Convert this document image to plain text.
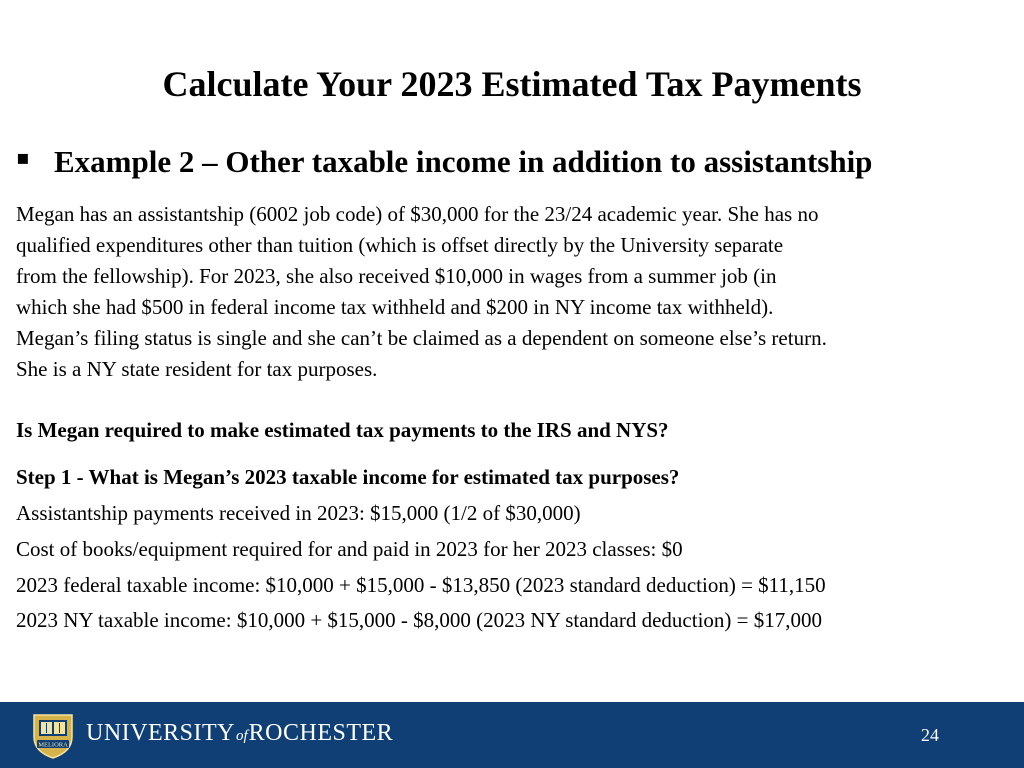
Calculate Your 2023 Estimated Tax Payments
▪ Example 2 – Other taxable income in addition to assistantship
Megan has an assistantship (6002 job code) of $30,000 for the 23/24 academic year. She has no
qualified expenditures other than tuition (which is offset directly by the University separate
from the fellowship). For 2023, she also received $10,000 in wages from a summer job (in
which she had $500 in federal income tax withheld and $200 in NY income tax withheld).
Megan’s filing status is single and she can’t be claimed as a dependent on someone else’s return.
She is a NY state resident for tax purposes.

Is Megan required to make estimated tax payments to the IRS and NYS?

Step 1 - What is Megan’s 2023 taxable income for estimated tax purposes?

Assistantship payments received in 2023: $15,000 (1/2 of $30,000)

Cost of books/equipment required for and paid in 2023 for her 2023 classes: $0

2023 federal taxable income: $10,000 + $15,000 - $13,850 (2023 standard deduction) = $11,150

2023 NY taxable income: $10,000 + $15,000 - $8,000 (2023 NY standard deduction) = $17,000

MELIORA UNIVERSITYofROCHESTER	24
